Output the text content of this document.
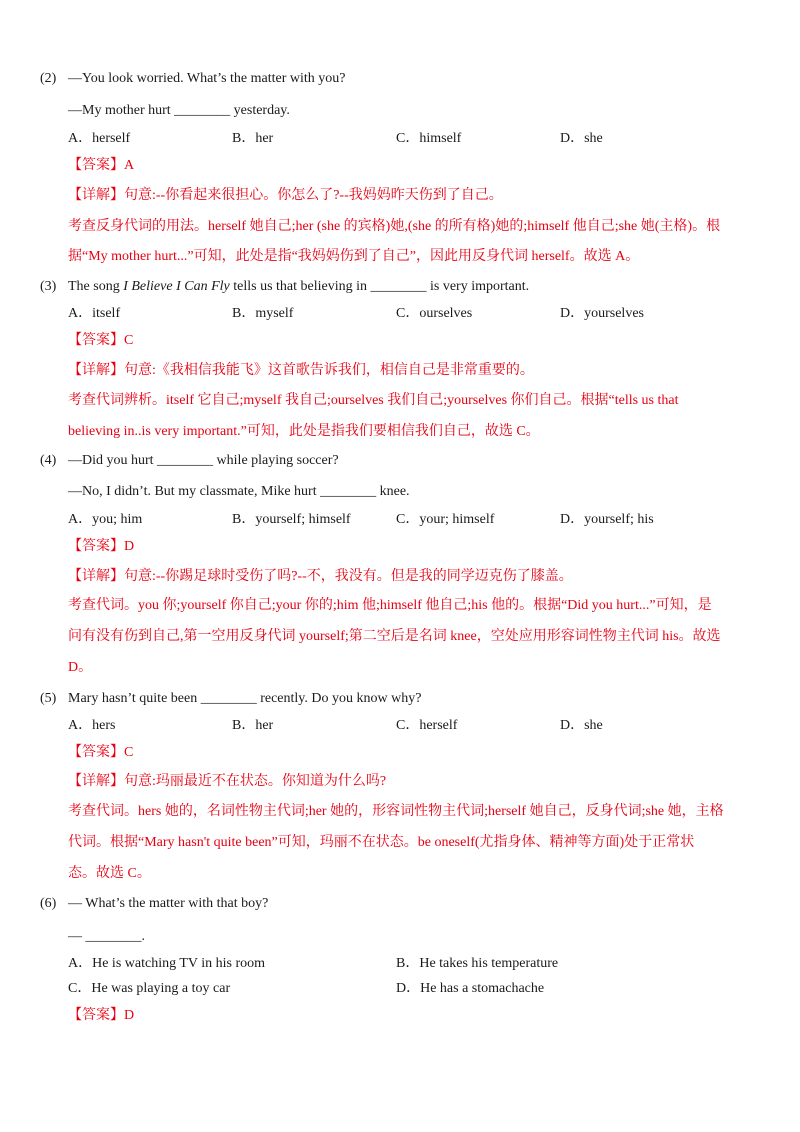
(2) —You look worried. What’s the matter with you?
—My mother hurt ________ yesterday.
A．herself	B．her	C．himself	D．she
【答案】A
【详解】句意:--你看起来很担心。你怎么了?--我妈妈昨天伤到了自己。
考查反身代词的用法。herself 她自己;her (she 的宾格)她,(she 的所有格)她的;himself 他自己;she 她(主格)。根
据“My mother hurt...”可知，此处是指“我妈妈伤到了自己”，因此用反身代词 herself。故选 A。
(3) The song I Believe I Can Fly tells us that believing in ________ is very important.
A．itself	B．myself	C．ourselves	D．yourselves
【答案】C
【详解】句意:《我相信我能飞》这首歌告诉我们，相信自己是非常重要的。
考查代词辨析。itself 它自己;myself 我自己;ourselves 我们自己;yourselves 你们自己。根据“tells us that
believing in..is very important.”可知，此处是指我们要相信我们自己，故选 C。
(4) —Did you hurt ________ while playing soccer?
—No, I didn’t. But my classmate, Mike hurt ________ knee.
A．you; him	B．yourself; himself	C．your; himself	D．yourself; his
【答案】D
【详解】句意:--你踢足球时受伤了吗?--不，我没有。但是我的同学迈克伤了膝盖。
考查代词。you 你;yourself 你自己;your 你的;him 他;himself 他自己;his 他的。根据“Did you hurt...”可知，是
问有没有伤到自己,第一空用反身代词 yourself;第二空后是名词 knee，空处应用形容词性物主代词 his。故选
D。
(5) Mary hasn’t quite been ________ recently. Do you know why?
A．hers	B．her	C．herself	D．she
【答案】C
【详解】句意:玛丽最近不在状态。你知道为什么吗?
考查代词。hers 她的，名词性物主代词;her 她的，形容词性物主代词;herself 她自己，反身代词;she 她，主格
代词。根据“Mary hasn't quite been”可知，玛丽不在状态。be oneself(尤指身体、精神等方面)处于正常状
态。故选 C。
(6) — What’s the matter with that boy?
— ________.
A．He is watching TV in his room	B．He takes his temperature
C．He was playing a toy car	D．He has a stomachache
【答案】D
